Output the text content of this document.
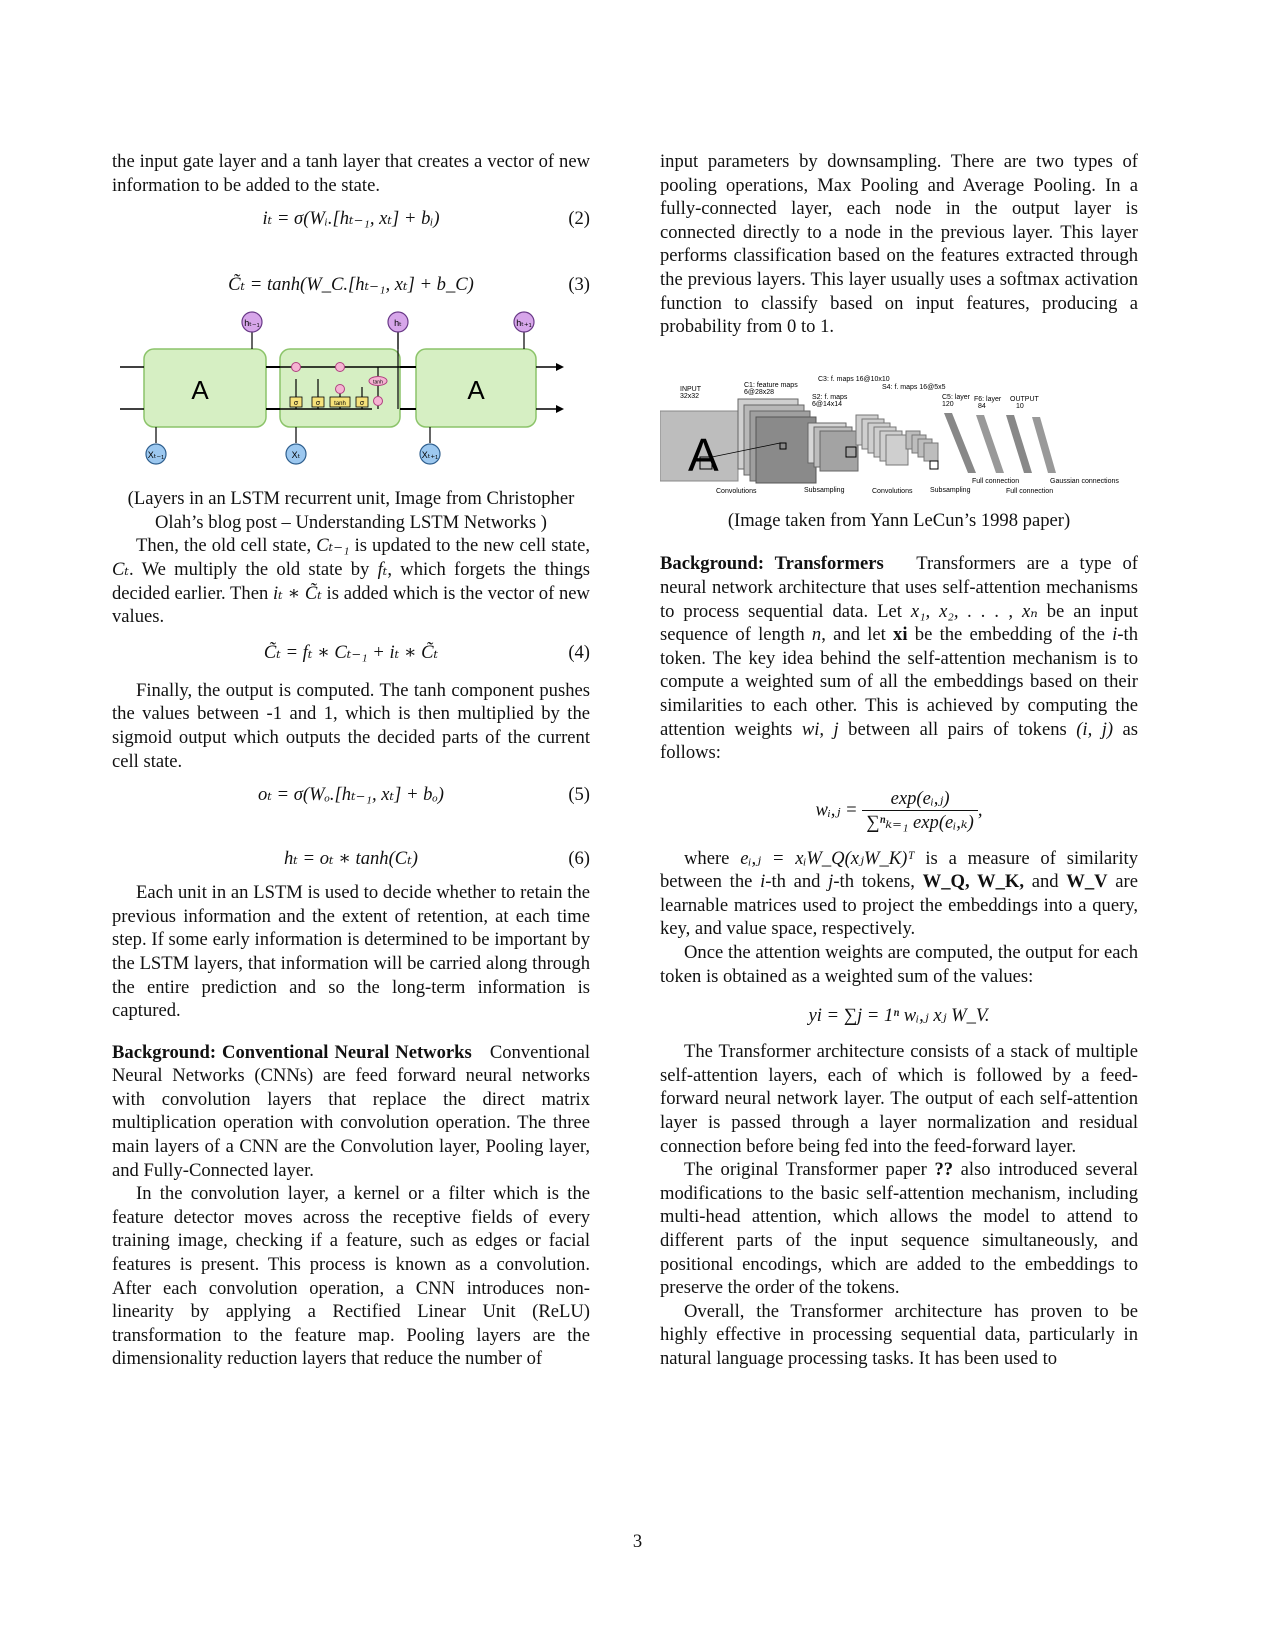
the input gate layer and a tanh layer that creates a vector of new information to be added to the state.

iₜ = σ(Wᵢ.[hₜ₋₁, xₜ] + bᵢ)	(2)
C̃ₜ = tanh(W_C.[hₜ₋₁, xₜ] + b_C)	(3)
tanh
σ	σ tanh σ
A	A
hₜ₋₁	hₜ	hₜ₊₁
Xₜ₋₁	Xₜ	Xₜ₊₁

(Layers in an LSTM recurrent unit, Image from Christopher Olah’s blog post – Understanding LSTM Networks )

Then, the old cell state, Cₜ₋₁ is updated to the new cell state, Cₜ. We multiply the old state by fₜ, which forgets the things decided earlier. Then iₜ ∗ C̃ₜ is added which is the vector of new values.

C̃ₜ = fₜ ∗ Cₜ₋₁ + iₜ ∗ C̃ₜ	(4)

Finally, the output is computed. The tanh component pushes the values between -1 and 1, which is then multiplied by the sigmoid output which outputs the decided parts of the current cell state.

oₜ = σ(Wₒ.[hₜ₋₁, xₜ] + bₒ)	(5)
hₜ = oₜ ∗ tanh(Cₜ)	(6)

Each unit in an LSTM is used to decide whether to retain the previous information and the extent of retention, at each time step. If some early information is determined to be important by the LSTM layers, that information will be carried along through the entire prediction and so the long-term information is captured.

Background: Conventional Neural Networks Conventional Neural Networks (CNNs) are feed forward neural networks with convolution layers that replace the direct matrix multiplication operation with convolution operation. The three main layers of a CNN are the Convolution layer, Pooling layer, and Fully-Connected layer.

In the convolution layer, a kernel or a filter which is the feature detector moves across the receptive fields of every training image, checking if a feature, such as edges or facial features is present. This process is known as a convolution. After each convolution operation, a CNN introduces non-linearity by applying a Rectified Linear Unit (ReLU) transformation to the feature map. Pooling layers are the dimensionality reduction layers that reduce the number of

input parameters by downsampling. There are two types of pooling operations, Max Pooling and Average Pooling. In a fully-connected layer, each node in the output layer is connected directly to a node in the previous layer. This layer performs classification based on the features extracted through the previous layers. This layer usually uses a softmax activation function to classify based on input features, producing a probability from 0 to 1.

INPUT
32x32
C1: feature maps
6@28x28
C3: f. maps 16@10x10
S4: f. maps 16@5x5
S2: f. maps
6@14x14
C5: layer
120
F6: layer
84
OUTPUT
10
A
Convolutions	Subsampling	Convolutions	Subsampling
Full connection
Full connection
Gaussian connections

(Image taken from Yann LeCun’s 1998 paper)

Background: Transformers Transformers are a type of neural network architecture that uses self-attention mechanisms to process sequential data. Let x₁, x₂, . . . , xₙ be an input sequence of length n, and let xi be the embedding of the i-th token. The key idea behind the self-attention mechanism is to compute a weighted sum of all the embeddings based on their similarities to each other. This is achieved by computing the attention weights wi, j between all pairs of tokens (i, j) as follows:

wᵢ,ⱼ = $\frac{\text{exp(eᵢ,ⱼ)}}{\text{∑ⁿₖ₌₁ exp(eᵢ,ₖ)}}$ ,

where eᵢ,ⱼ = xᵢW_Q(xⱼW_K)ᵀ is a measure of similarity between the i-th and j-th tokens, W_Q, W_K, and W_V are learnable matrices used to project the embeddings into a query, key, and value space, respectively.

Once the attention weights are computed, the output for each token is obtained as a weighted sum of the values:

yi = ∑j = 1ⁿ wᵢ,ⱼ xⱼ W_V.

The Transformer architecture consists of a stack of multiple self-attention layers, each of which is followed by a feed-forward neural network layer. The output of each self-attention layer is passed through a layer normalization and residual connection before being fed into the feed-forward layer.

The original Transformer paper ?? also introduced several modifications to the basic self-attention mechanism, including multi-head attention, which allows the model to attend to different parts of the input sequence simultaneously, and positional encodings, which are added to the embeddings to preserve the order of the tokens.

Overall, the Transformer architecture has proven to be highly effective in processing sequential data, particularly in natural language processing tasks. It has been used to

3
